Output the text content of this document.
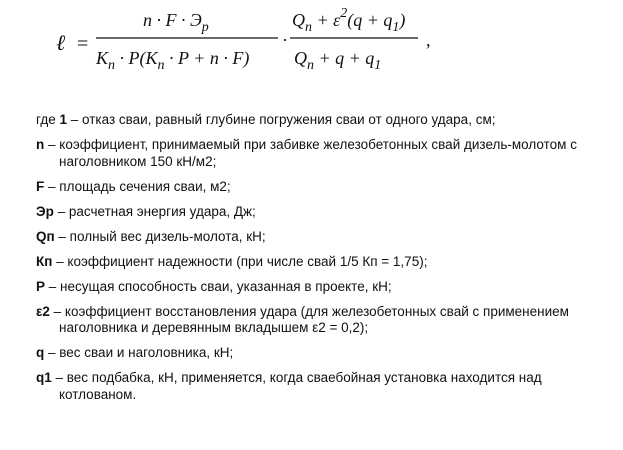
ℓ =
$n \cdot F \cdot Э_р$
$K_n \cdot P(K_n \cdot P + n \cdot F)$
·
$Q_n + \varepsilon^2(q + q_1)$
$Q_n + q + q_1$
,
где 1 – отказ сваи, равный глубине погружения сваи от одного удара, см;
n – коэффициент, принимаемый при забивке железобетонных свай дизель-молотом с
наголовником 150 кН/м2;
F – площадь сечения сваи, м2;
Эр – расчетная энергия удара, Дж;
Qп – полный вес дизель-молота, кН;
Кп – коэффициент надежности (при числе свай 1/5 Кп = 1,75);
Р – несущая способность сваи, указанная в проекте, кН;
ε2 – коэффициент восстановления удара (для железобетонных свай с применением
наголовника и деревянным вкладышем ε2 = 0,2);
q – вес сваи и наголовника, кН;
q1 – вес подбабка, кН, применяется, когда сваебойная установка находится над
котлованом.
